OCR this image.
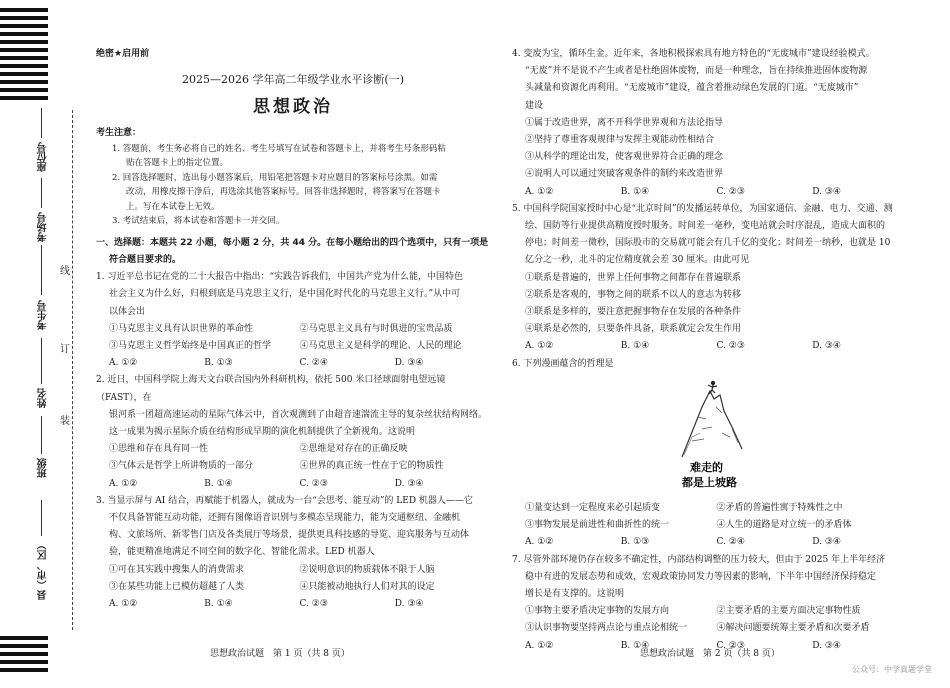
座位号
考场号
考生号
姓名
班级
县（市、区）
线
订
装

绝密★启用前

2025—2026 学年高二年级学业水平诊断(一)

思想政治

考生注意：

1. 答题前，考生务必将自己的姓名、考生号填写在试卷和答题卡上，并将考生号条形码粘

贴在答题卡上的指定位置。

2. 回答选择题时，选出每小题答案后，用铅笔把答题卡对应题目的答案标号涂黑。如需

改动，用橡皮擦干净后，再选涂其他答案标号。回答非选择题时，将答案写在答题卡

上。写在本试卷上无效。

3. 考试结束后，将本试卷和答题卡一并交回。

一、选择题：本题共 22 小题，每小题 2 分，共 44 分。在每小题给出的四个选项中，只有一项是

符合题目要求的。

1. 习近平总书记在党的二十大报告中指出：“实践告诉我们，中国共产党为什么能，中国特色

社会主义为什么好，归根到底是马克思主义行，是中国化时代化的马克思主义行。”从中可

以体会出

①马克思主义具有认识世界的革命性	②马克思主义具有与时俱进的宝贵品质
③马克思主义哲学始终是中国真正的哲学	④马克思主义是科学的理论、人民的理论
A. ①②	B. ①③	C. ②④	D. ③④

2. 近日，中国科学院上海天文台联合国内外科研机构，依托 500 米口径球面射电望远镜（FAST），在

银河系一团超高速运动的星际气体云中，首次观测到了由超音速湍流主导的复杂丝状结构网络。

这一成果为揭示星际介质在结构形成早期的演化机制提供了全新视角。这说明

①思维和存在具有同一性	②思维是对存在的正确反映
③气体云是哲学上所讲物质的一部分	④世界的真正统一性在于它的物质性
A. ①②	B. ①④	C. ②③	D. ③④

3. 当显示屏与 AI 结合，再赋能于机器人，就成为一台“会思考、能互动”的 LED 机器人——它

不仅具备智能互动功能，还拥有图像语音识别与多模态呈现能力，能为交通枢纽、金融机

构、文旅场所、新零售门店及各类展厅等场景，提供更具科技感的导览、迎宾服务与互动体

验，能更精准地满足不同空间的数字化、智能化需求。LED 机器人

①可在其实践中搜集人的消费需求	②说明意识的物质载体不限于人脑
③在某些功能上已模仿超越了人类	④只能被动地执行人们对其的设定
A. ①②	B. ①④	C. ②③	D. ③④

4. 变废为宝，循环生金。近年来，各地积极探索具有地方特色的“无废城市”建设经验模式。

“无废”并不是说不产生或者是杜绝固体废物，而是一种理念，旨在持续推进固体废物源

头减量和资源化再利用。“无废城市”建设，蕴含着推动绿色发展的门道。“无废城市”

建设

①属于改造世界，离不开科学世界观和方法论指导

②坚持了尊重客观规律与发挥主观能动性相结合

③从科学的理论出发，使客观世界符合正确的理念

④说明人可以通过突破客观条件的制约来改造世界

A. ①②	B. ①④	C. ②③	D. ③④

5. 中国科学院国家授时中心是“北京时间”的发播运转单位，为国家通信、金融、电力、交通、测

绘、国防等行业提供高精度授时服务。时间差一毫秒，变电站就会时序混乱，造成大面积的

停电；时间差一微秒，国际股市的交易就可能会有几千亿的变化；时间差一纳秒，也就是 10

亿分之一秒，北斗的定位精度就会差 30 厘米。由此可见

①联系是普遍的，世界上任何事物之间都存在普遍联系

②联系是客观的，事物之间的联系不以人的意志为转移

③联系是多样的，要注意把握事物存在发展的各种条件

④联系是必然的，只要条件具备，联系就定会发生作用

A. ①②	B. ①④	C. ②③	D. ③④

6. 下列漫画蕴含的哲理是

难走的
都是上坡路
①量变达到一定程度来必引起质变	②矛盾的普遍性寓于特殊性之中
③事物发展是前进性和曲折性的统一	④人生的道路是对立统一的矛盾体
A. ①②	B. ①③	C. ②④	D. ③④

7. 尽管外部环境仍存在较多不确定性，内部结构调整的压力较大，但由于 2025 年上半年经济

稳中有进的发展态势和成效，宏观政策协同发力等因素的影响，下半年中国经济保持稳定

增长是有支撑的。这说明

①事物主要矛盾决定事物的发展方向	②主要矛盾的主要方面决定事物性质
③认识事物要坚持两点论与重点论相统一	④解决问题要统筹主要矛盾和次要矛盾
A. ①②	B. ①④	C. ②③	D. ③④
思想政治试题　第 1 页（共 8 页）	思想政治试题　第 2 页（共 8 页）
公众号：中学真题学堂
